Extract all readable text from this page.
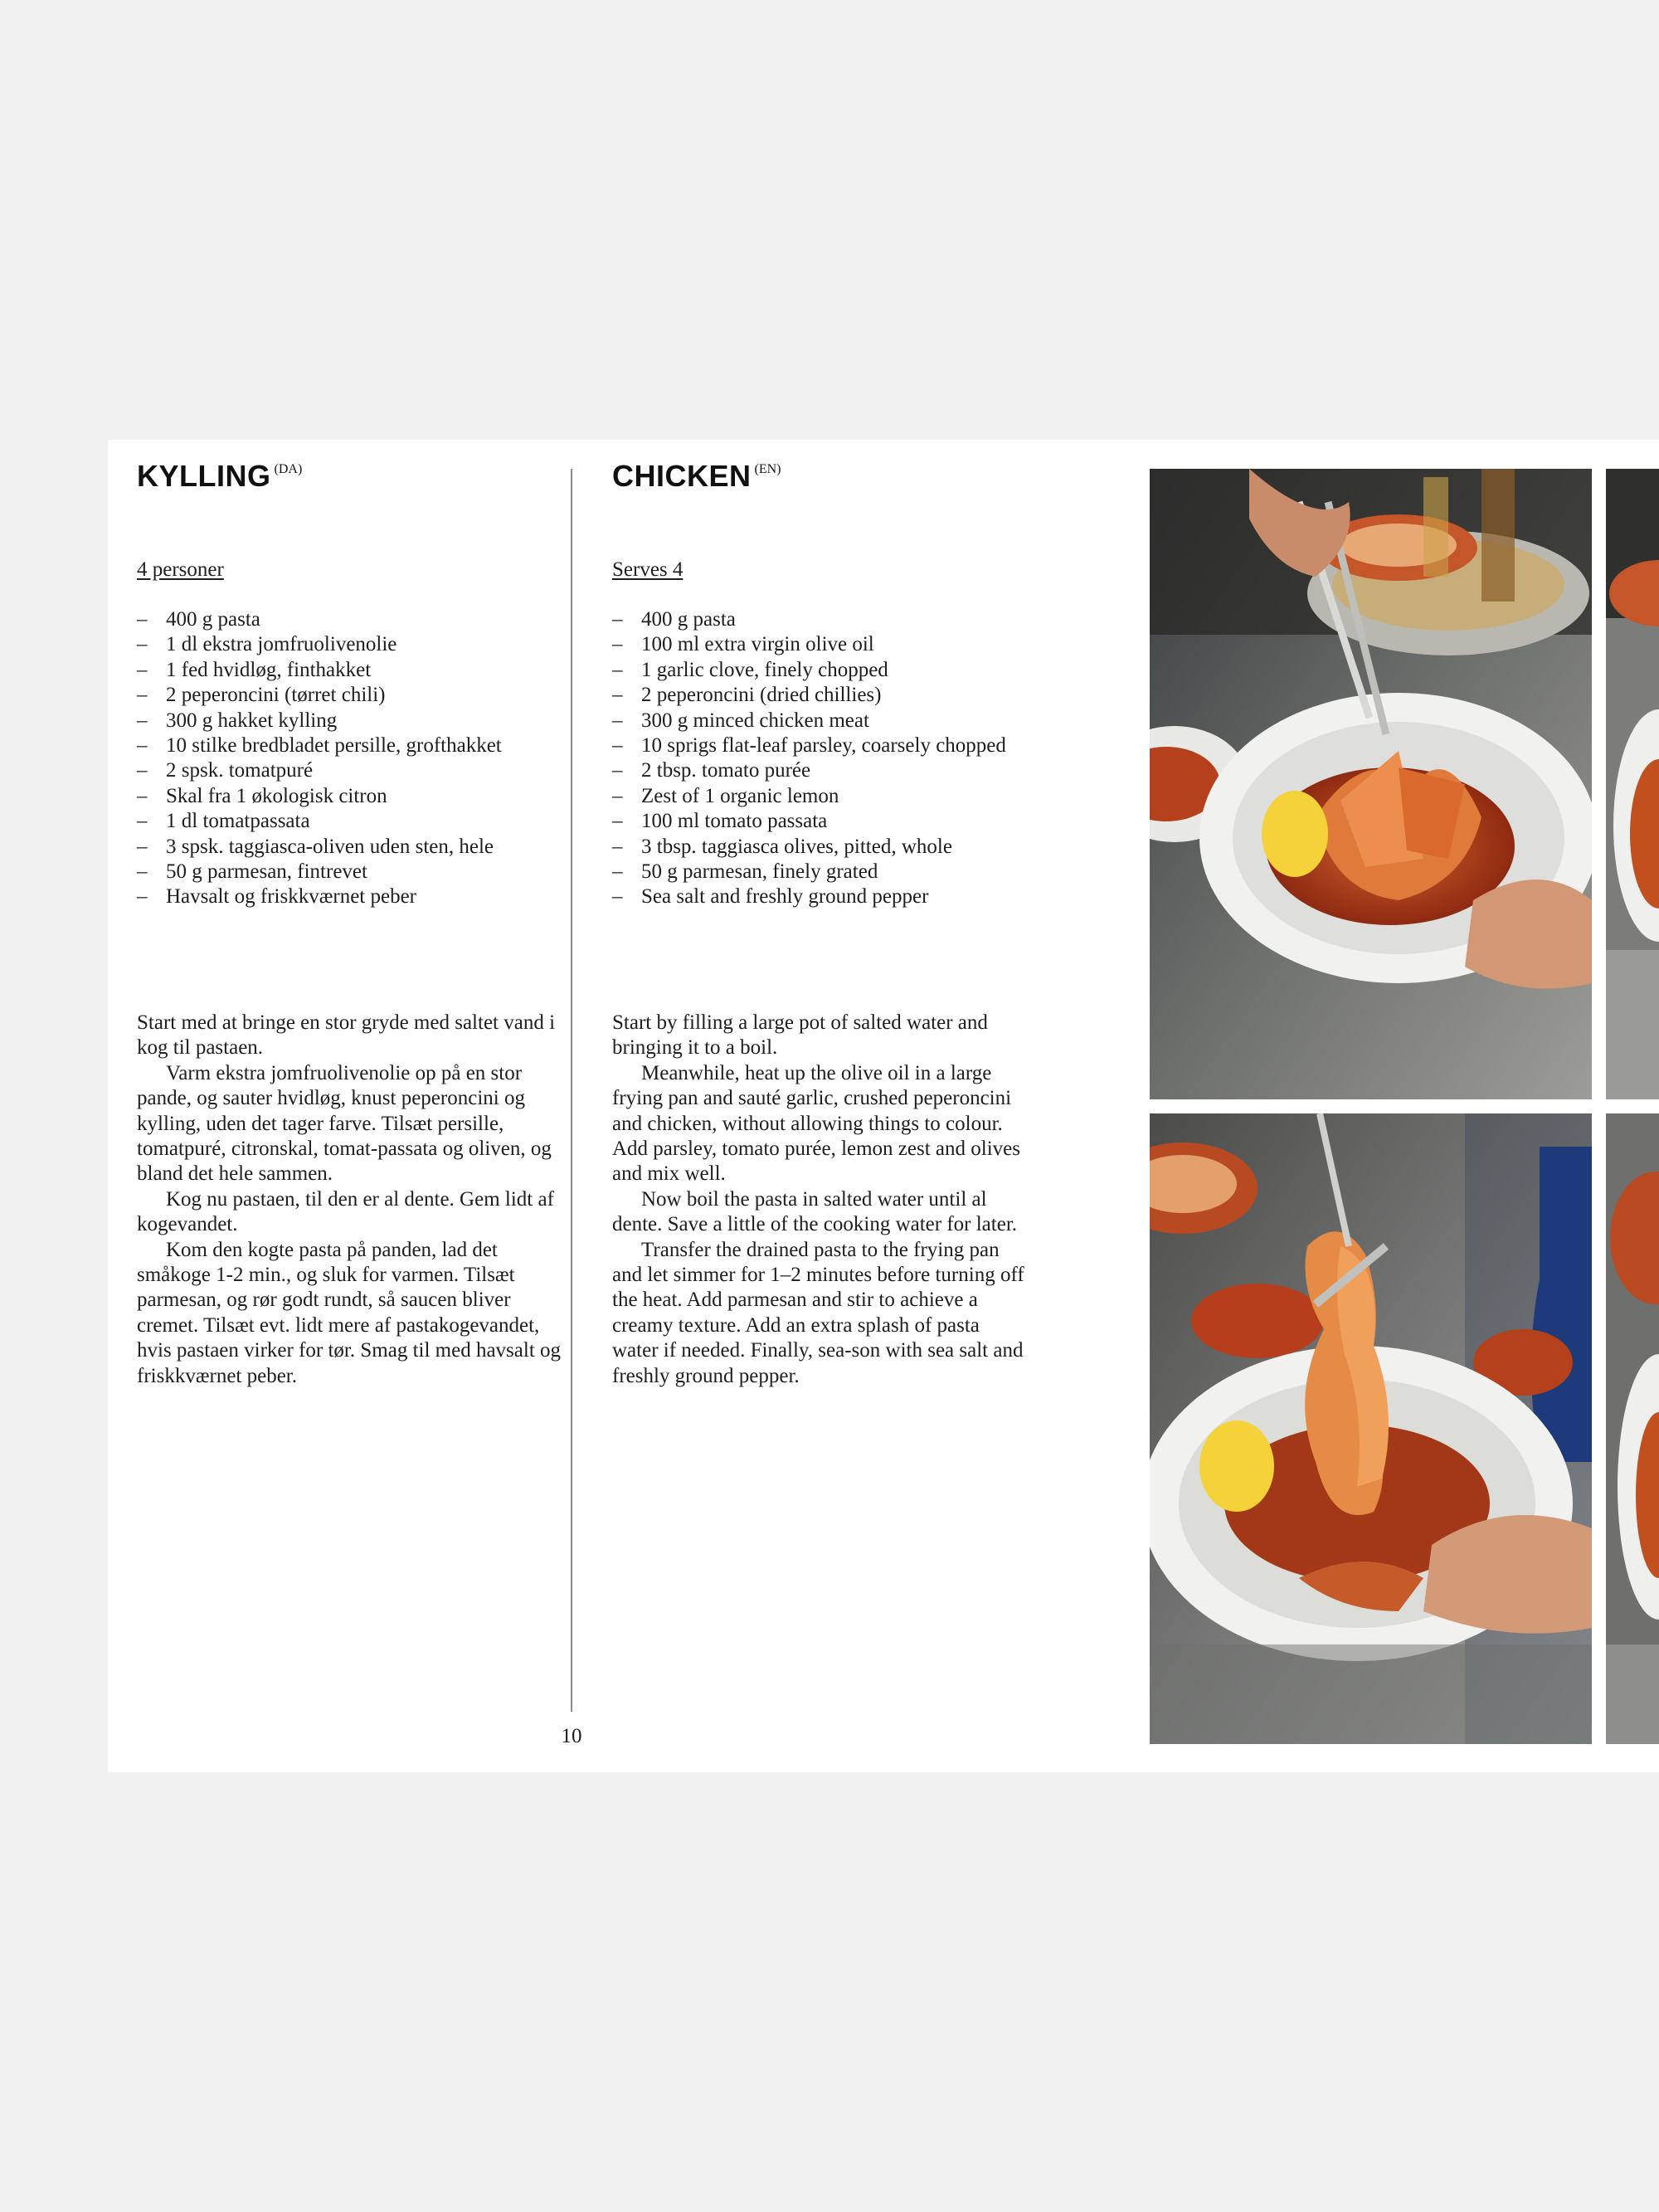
KYLLING $^{(DA)}$

4 personer

– 400 g pasta
– 1 dl ekstra jomfruolivenolie
– 1 fed hvidløg, finthakket
– 2 peperoncini (tørret chili)
– 300 g hakket kylling
– 10 stilke bredbladet persille, grofthakket
– 2 spsk. tomatpuré
– Skal fra 1 økologisk citron
– 1 dl tomatpassata
– 3 spsk. taggiasca-oliven uden sten, hele
– 50 g parmesan, fintrevet
– Havsalt og friskkværnet peber

Start med at bringe en stor gryde med saltet vand i kog til pastaen.

Varm ekstra jomfruolivenolie op på en stor pande, og sauter hvidløg, knust peperoncini og kylling, uden det tager farve. Tilsæt persille, tomatpuré, citronskal, tomat-passata og oliven, og bland det hele sammen.

Kog nu pastaen, til den er al dente. Gem lidt af kogevandet.

Kom den kogte pasta på panden, lad det småkoge 1-2 min., og sluk for varmen. Tilsæt parmesan, og rør godt rundt, så saucen bliver cremet. Tilsæt evt. lidt mere af pastakogevandet, hvis pastaen virker for tør. Smag til med havsalt og friskkværnet peber.

10
CHICKEN $^{(EN)}$

Serves 4

– 400 g pasta
– 100 ml extra virgin olive oil
– 1 garlic clove, finely chopped
– 2 peperoncini (dried chillies)
– 300 g minced chicken meat
– 10 sprigs flat-leaf parsley, coarsely chopped
– 2 tbsp. tomato purée
– Zest of 1 organic lemon
– 100 ml tomato passata
– 3 tbsp. taggiasca olives, pitted, whole
– 50 g parmesan, finely grated
– Sea salt and freshly ground pepper

Start by filling a large pot of salted water and bringing it to a boil.

Meanwhile, heat up the olive oil in a large frying pan and sauté garlic, crushed peperoncini and chicken, without allowing things to colour. Add parsley, tomato purée, lemon zest and olives and mix well.

Now boil the pasta in salted water until al dente. Save a little of the cooking water for later.

Transfer the drained pasta to the frying pan and let simmer for 1–2 minutes before turning off the heat. Add parmesan and stir to achieve a creamy texture. Add an extra splash of pasta water if needed. Finally, sea-son with sea salt and freshly ground pepper.
